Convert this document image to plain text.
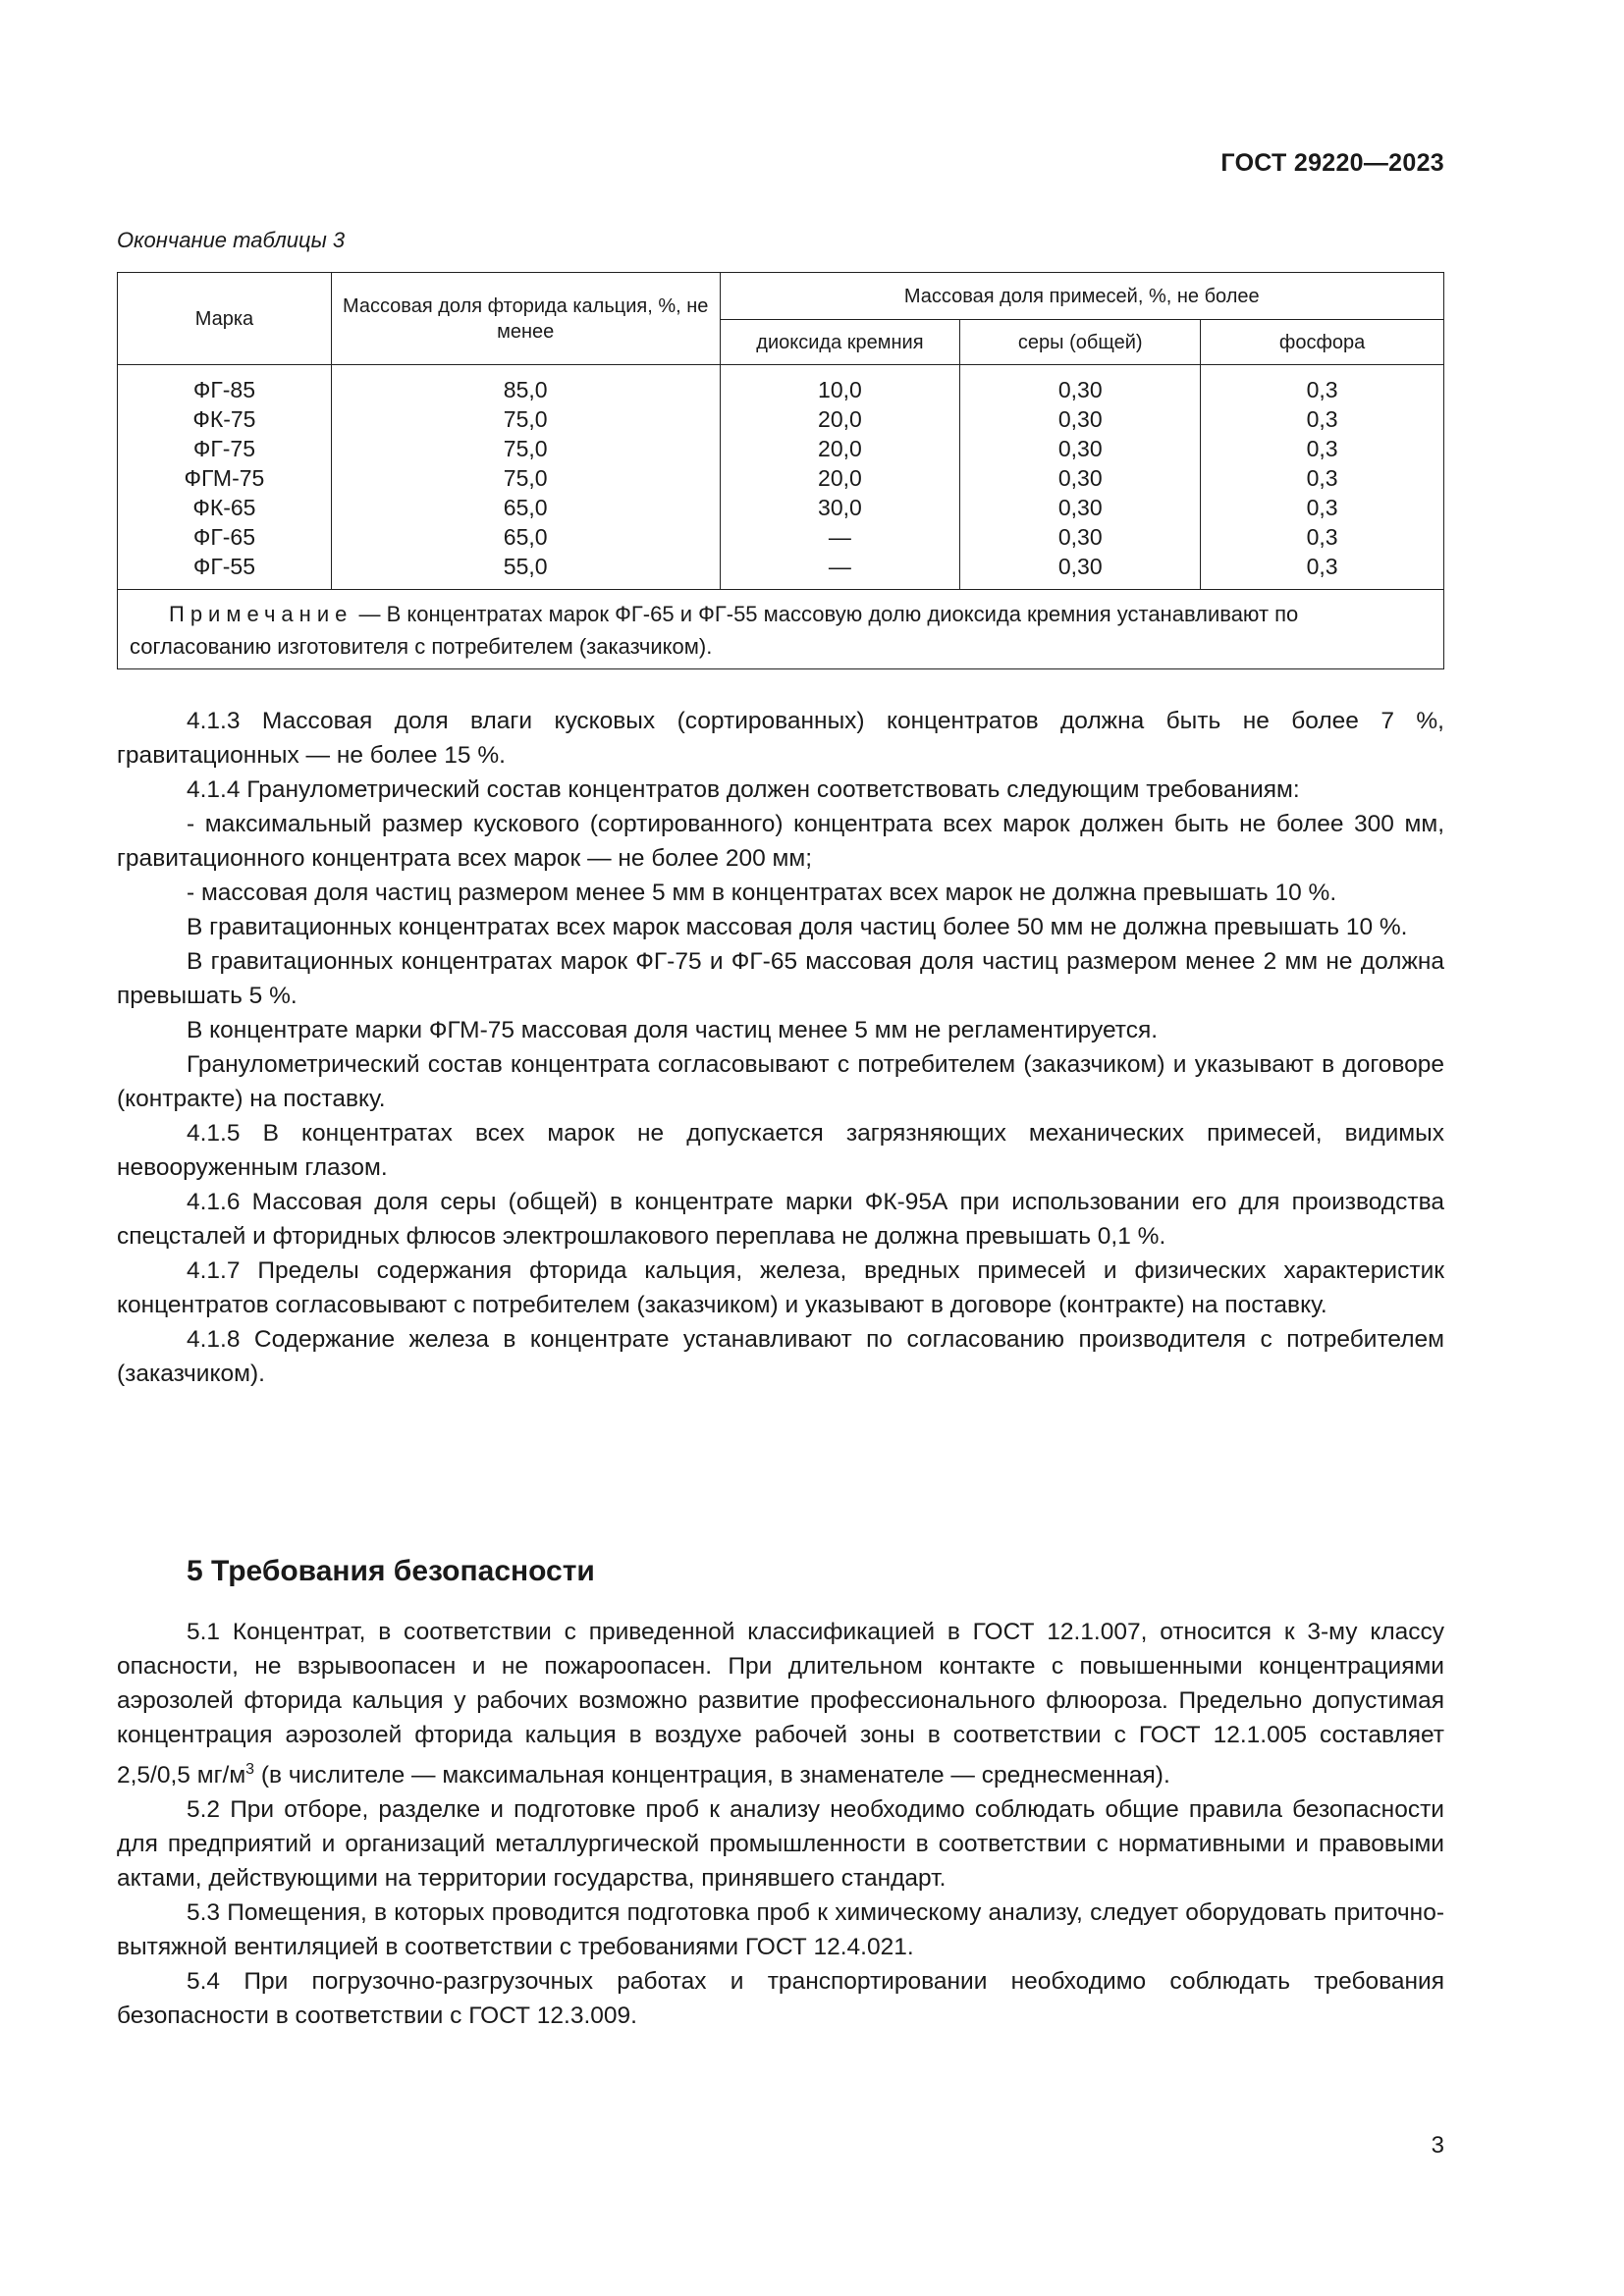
ГОСТ 29220—2023
Окончание таблицы 3
Марка	Массовая доля фторида кальция, %, не менее	Массовая доля примесей, %, не более		
		диоксида кремния	серы (общей)	фосфора
ФГ-85	85,0	10,0	0,30	0,3
ФК-75	75,0	20,0	0,30	0,3
ФГ-75	75,0	20,0	0,30	0,3
ФГМ-75	75,0	20,0	0,30	0,3
ФК-65	65,0	30,0	0,30	0,3
ФГ-65	65,0	—	0,30	0,3
ФГ-55	55,0	—	0,30	0,3
Примечание — В концентратах марок ФГ-65 и ФГ-55 массовую долю диоксида кремния устанавливают по согласованию изготовителя с потребителем (заказчиком).				

4.1.3 Массовая доля влаги кусковых (сортированных) концентратов должна быть не более 7 %, гравитационных — не более 15 %.

4.1.4 Гранулометрический состав концентратов должен соответствовать следующим требованиям:

- максимальный размер кускового (сортированного) концентрата всех марок должен быть не более 300 мм, гравитационного концентрата всех марок — не более 200 мм;

- массовая доля частиц размером менее 5 мм в концентратах всех марок не должна превышать 10 %.

В гравитационных концентратах всех марок массовая доля частиц более 50 мм не должна превышать 10 %.

В гравитационных концентратах марок ФГ-75 и ФГ-65 массовая доля частиц размером менее 2 мм не должна превышать 5 %.

В концентрате марки ФГМ-75 массовая доля частиц менее 5 мм не регламентируется.

Гранулометрический состав концентрата согласовывают с потребителем (заказчиком) и указывают в договоре (контракте) на поставку.

4.1.5 В концентратах всех марок не допускается загрязняющих механических примесей, видимых невооруженным глазом.

4.1.6 Массовая доля серы (общей) в концентрате марки ФК-95А при использовании его для производства спецсталей и фторидных флюсов электрошлакового переплава не должна превышать 0,1 %.

4.1.7 Пределы содержания фторида кальция, железа, вредных примесей и физических характеристик концентратов согласовывают с потребителем (заказчиком) и указывают в договоре (контракте) на поставку.

4.1.8 Содержание железа в концентрате устанавливают по согласованию производителя с потребителем (заказчиком).

5 Требования безопасности

5.1 Концентрат, в соответствии с приведенной классификацией в ГОСТ 12.1.007, относится к 3-му классу опасности, не взрывоопасен и не пожароопасен. При длительном контакте с повышенными концентрациями аэрозолей фторида кальция у рабочих возможно развитие профессионального флюороза. Предельно допустимая концентрация аэрозолей фторида кальция в воздухе рабочей зоны в соответствии с ГОСТ 12.1.005 составляет 2,5/0,5 $мг/м^3$ (в числителе — максимальная концентрация, в знаменателе — среднесменная).

5.2 При отборе, разделке и подготовке проб к анализу необходимо соблюдать общие правила безопасности для предприятий и организаций металлургической промышленности в соответствии с нормативными и правовыми актами, действующими на территории государства, принявшего стандарт.

5.3 Помещения, в которых проводится подготовка проб к химическому анализу, следует оборудовать приточно-вытяжной вентиляцией в соответствии с требованиями ГОСТ 12.4.021.

5.4 При погрузочно-разгрузочных работах и транспортировании необходимо соблюдать требования безопасности в соответствии с ГОСТ 12.3.009.

3
